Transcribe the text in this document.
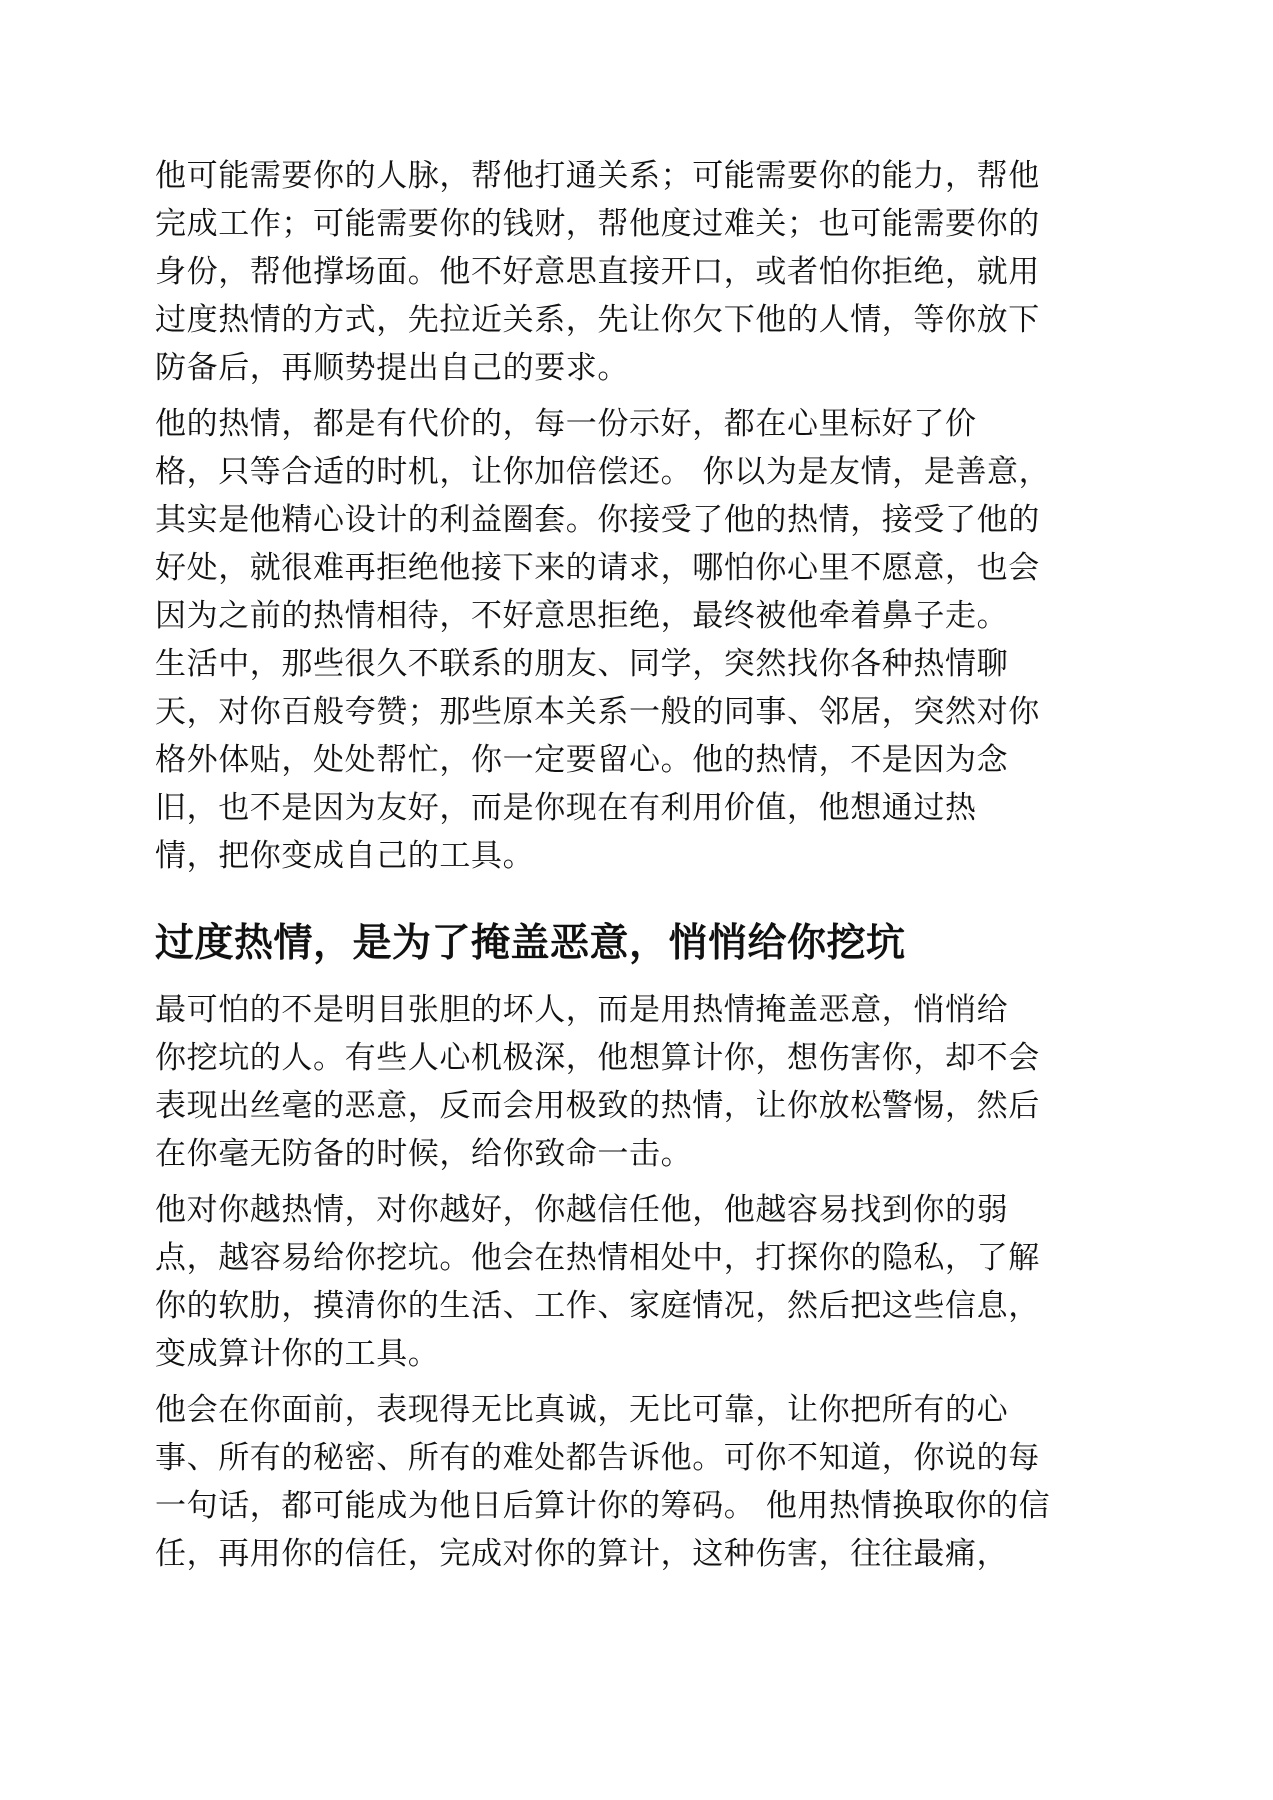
他可能需要你的人脉，帮他打通关系；可能需要你的能力，帮他
完成工作；可能需要你的钱财，帮他度过难关；也可能需要你的
身份，帮他撑场面。他不好意思直接开口，或者怕你拒绝，就用
过度热情的方式，先拉近关系，先让你欠下他的人情，等你放下
防备后，再顺势提出自己的要求。
他的热情，都是有代价的，每一份示好，都在心里标好了价
格，只等合适的时机，让你加倍偿还。 你以为是友情，是善意，
其实是他精心设计的利益圈套。你接受了他的热情，接受了他的
好处，就很难再拒绝他接下来的请求，哪怕你心里不愿意，也会
因为之前的热情相待，不好意思拒绝，最终被他牵着鼻子走。
生活中，那些很久不联系的朋友、同学，突然找你各种热情聊
天，对你百般夸赞；那些原本关系一般的同事、邻居，突然对你
格外体贴，处处帮忙，你一定要留心。他的热情，不是因为念
旧，也不是因为友好，而是你现在有利用价值，他想通过热
情，把你变成自己的工具。
过度热情，是为了掩盖恶意，悄悄给你挖坑
最可怕的不是明目张胆的坏人，而是用热情掩盖恶意，悄悄给
你挖坑的人。有些人心机极深，他想算计你，想伤害你，却不会
表现出丝毫的恶意，反而会用极致的热情，让你放松警惕，然后
在你毫无防备的时候，给你致命一击。
他对你越热情，对你越好，你越信任他，他越容易找到你的弱
点，越容易给你挖坑。他会在热情相处中，打探你的隐私，了解
你的软肋，摸清你的生活、工作、家庭情况，然后把这些信息，
变成算计你的工具。
他会在你面前，表现得无比真诚，无比可靠，让你把所有的心
事、所有的秘密、所有的难处都告诉他。可你不知道，你说的每
一句话，都可能成为他日后算计你的筹码。 他用热情换取你的信
任，再用你的信任，完成对你的算计，这种伤害，往往最痛，
